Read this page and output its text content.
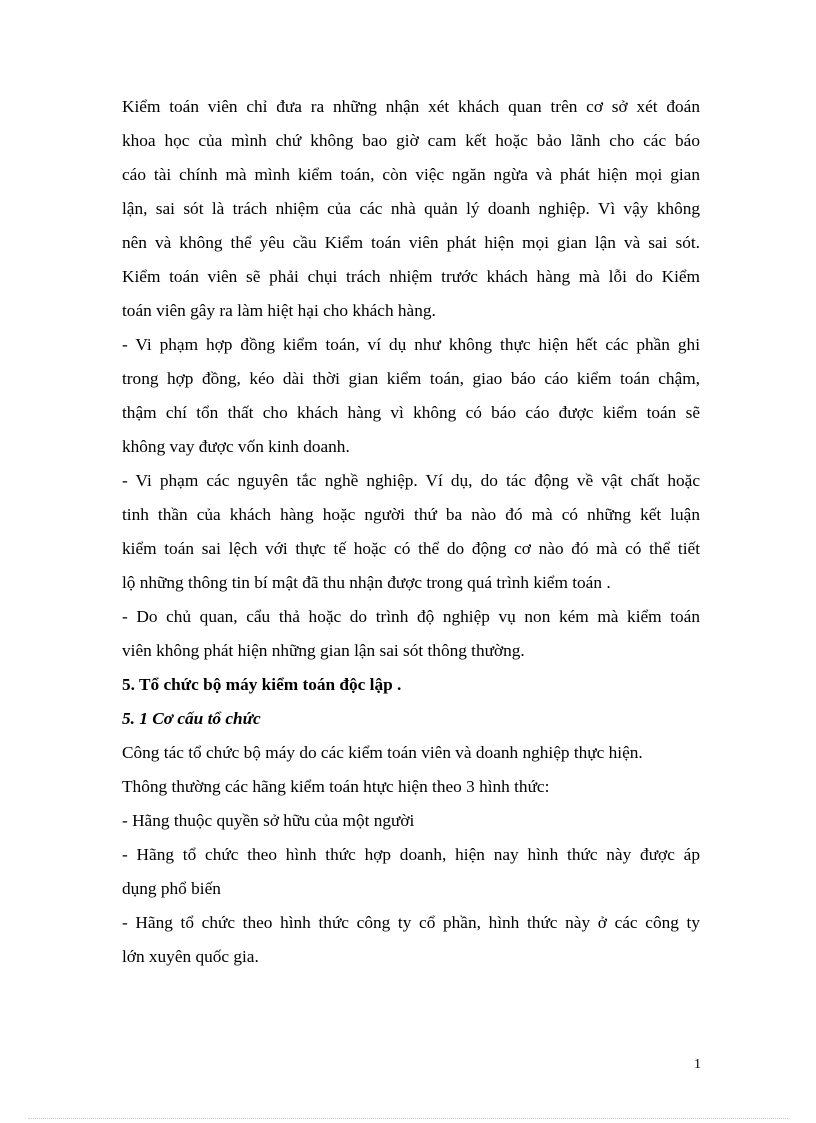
Kiểm toán viên chỉ đưa ra những nhận xét khách quan trên cơ sở xét đoán
khoa học của mình chứ không bao giờ cam kết hoặc bảo lãnh cho các báo
cáo tài chính mà mình kiểm toán, còn việc ngăn ngừa và phát hiện mọi gian
lận, sai sót là trách nhiệm của các nhà quản lý doanh nghiệp. Vì vậy không
nên và không thể yêu cầu Kiểm toán viên phát hiện mọi gian lận và sai sót.
Kiểm toán viên sẽ phải chụi trách nhiệm trước khách hàng mà lỗi do Kiểm
toán viên gây ra làm hiệt hại cho khách hàng.
- Vi phạm hợp đồng kiểm toán, ví dụ như không thực hiện hết các phần ghi
trong hợp đồng, kéo dài thời gian kiểm toán, giao báo cáo kiểm toán chậm,
thậm chí tổn thất cho khách hàng vì không có báo cáo được kiểm toán sẽ
không vay được vốn kinh doanh.
- Vi phạm các nguyên tắc nghề nghiệp. Ví dụ, do tác động về vật chất hoặc
tinh thần của khách hàng hoặc người thứ ba nào đó mà có những kết luận
kiểm toán sai lệch với thực tế hoặc có thể do động cơ nào đó mà có thể tiết
lộ những thông tin bí mật đã thu nhận được trong quá trình kiểm toán .
- Do chủ quan, cẩu thả hoặc do trình độ nghiệp vụ non kém mà kiểm toán
viên không phát hiện những gian lận sai sót thông thường.
5. Tổ chức bộ máy kiểm toán độc lập .
5. 1 Cơ cấu tổ chức
Công tác tổ chức bộ máy do các kiểm toán viên và doanh nghiệp thực hiện.
Thông thường các hãng kiểm toán htực hiện theo 3 hình thức:
- Hãng thuộc quyền sở hữu của một người
- Hãng tổ chức theo hình thức hợp doanh, hiện nay hình thức này được áp
dụng phổ biến
- Hãng tổ chức theo hình thức công ty cổ phần, hình thức này ở các công ty
lớn xuyên quốc gia.
1
